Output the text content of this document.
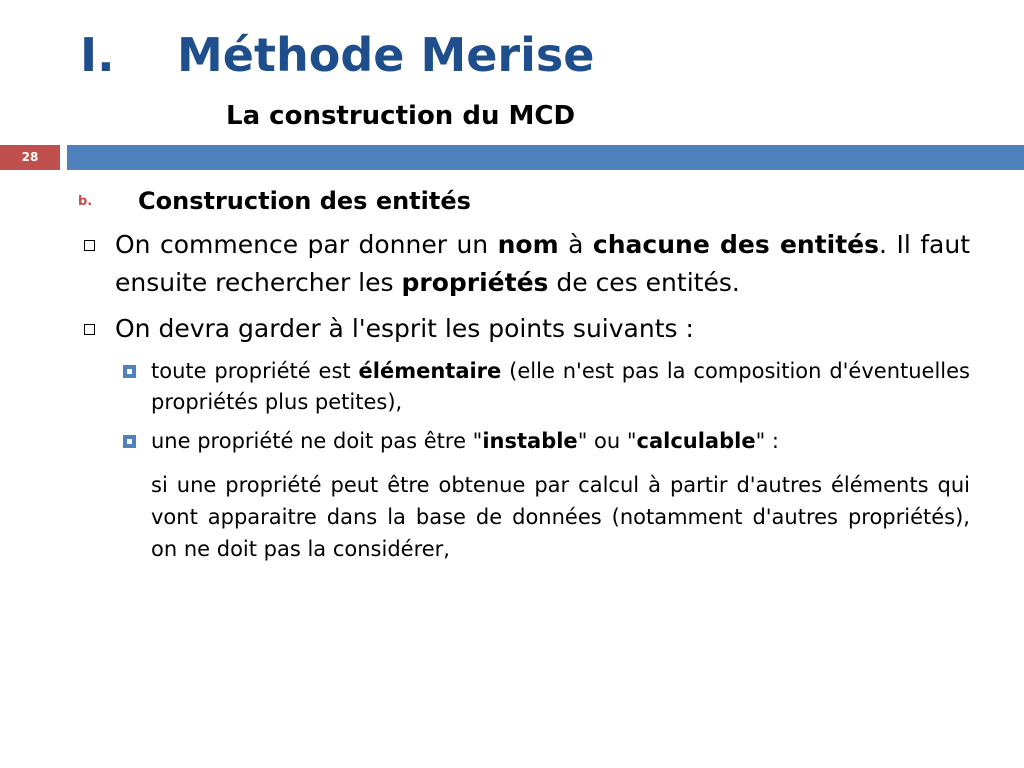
I. Méthode Merise
La construction du MCD
28
b. Construction des entités
On commence par donner un nom à chacune des entités. Il faut ensuite rechercher les propriétés de ces entités.
On devra garder à l'esprit les points suivants :
toute propriété est élémentaire (elle n'est pas la composition d'éventuelles propriétés plus petites),
une propriété ne doit pas être "instable" ou "calculable" :
si une propriété peut être obtenue par calcul à partir d'autres éléments qui vont apparaitre dans la base de données (notamment d'autres propriétés), on ne doit pas la considérer,
